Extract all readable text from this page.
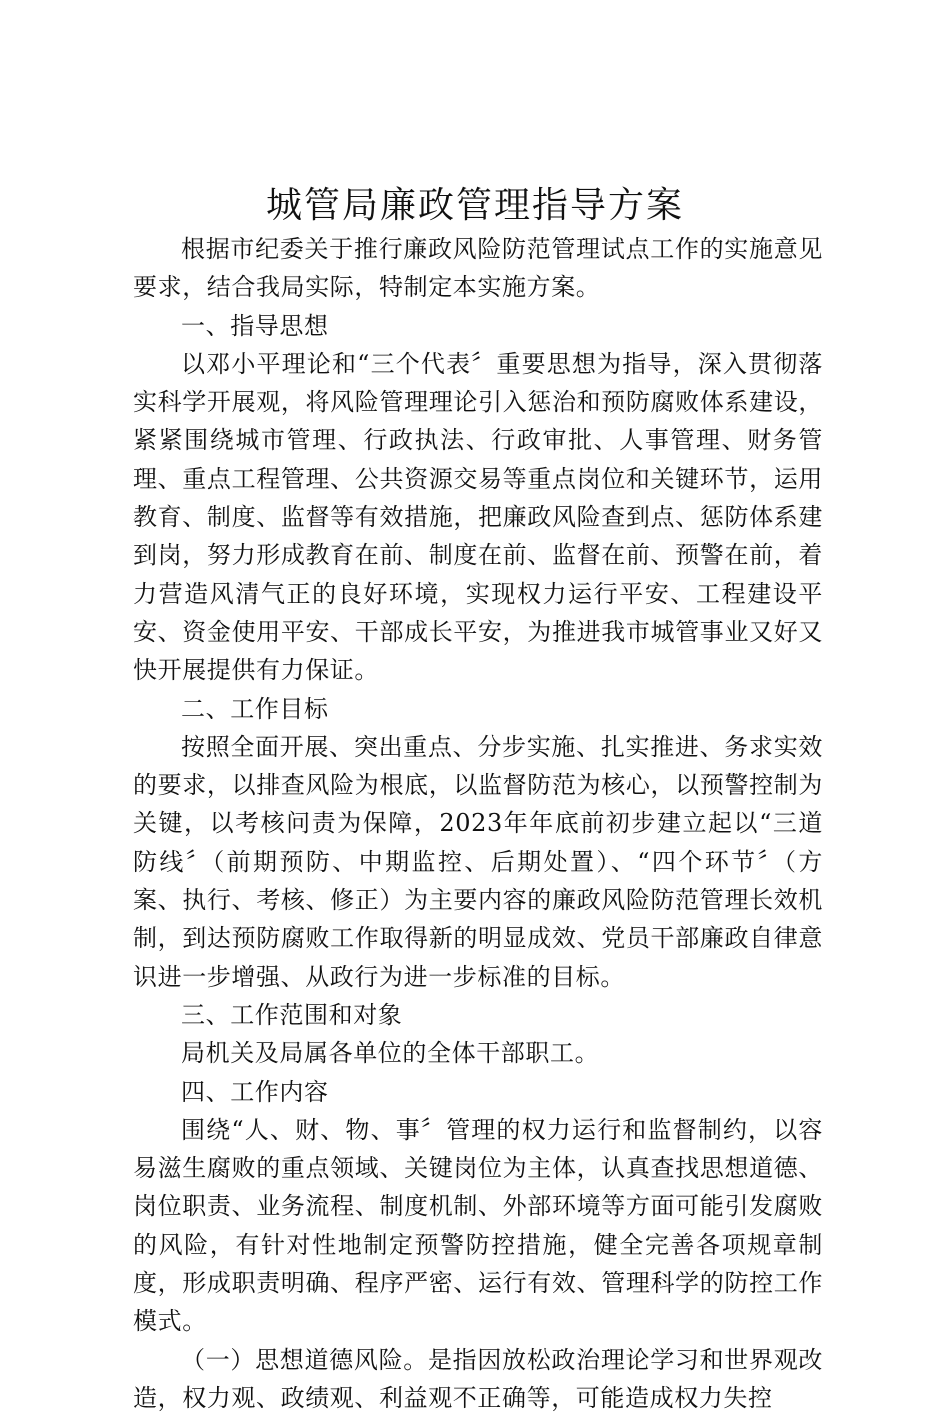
城管局廉政管理指导方案

根据市纪委关于推行廉政风险防范管理试点工作的实施意见要求，结合我局实际，特制定本实施方案。

一、指导思想

以邓小平理论和“三个代表〞重要思想为指导，深入贯彻落实科学开展观，将风险管理理论引入惩治和预防腐败体系建设，紧紧围绕城市管理、行政执法、行政审批、人事管理、财务管理、重点工程管理、公共资源交易等重点岗位和关键环节，运用教育、制度、监督等有效措施，把廉政风险查到点、惩防体系建到岗，努力形成教育在前、制度在前、监督在前、预警在前，着力营造风清气正的良好环境，实现权力运行平安、工程建设平安、资金使用平安、干部成长平安，为推进我市城管事业又好又快开展提供有力保证。

二、工作目标

按照全面开展、突出重点、分步实施、扎实推进、务求实效的要求，以排查风险为根底，以监督防范为核心，以预警控制为关键，以考核问责为保障，2023年年底前初步建立起以“三道防线〞（前期预防、中期监控、后期处置）、“四个环节〞（方案、执行、考核、修正）为主要内容的廉政风险防范管理长效机制，到达预防腐败工作取得新的明显成效、党员干部廉政自律意识进一步增强、从政行为进一步标准的目标。

三、工作范围和对象

局机关及局属各单位的全体干部职工。

四、工作内容

围绕“人、财、物、事〞管理的权力运行和监督制约，以容易滋生腐败的重点领域、关键岗位为主体，认真查找思想道德、岗位职责、业务流程、制度机制、外部环境等方面可能引发腐败的风险，有针对性地制定预警防控措施，健全完善各项规章制度，形成职责明确、程序严密、运行有效、管理科学的防控工作模式。

（一）思想道德风险。是指因放松政治理论学习和世界观改造，权力观、政绩观、利益观不正确等，可能造成权力失控
